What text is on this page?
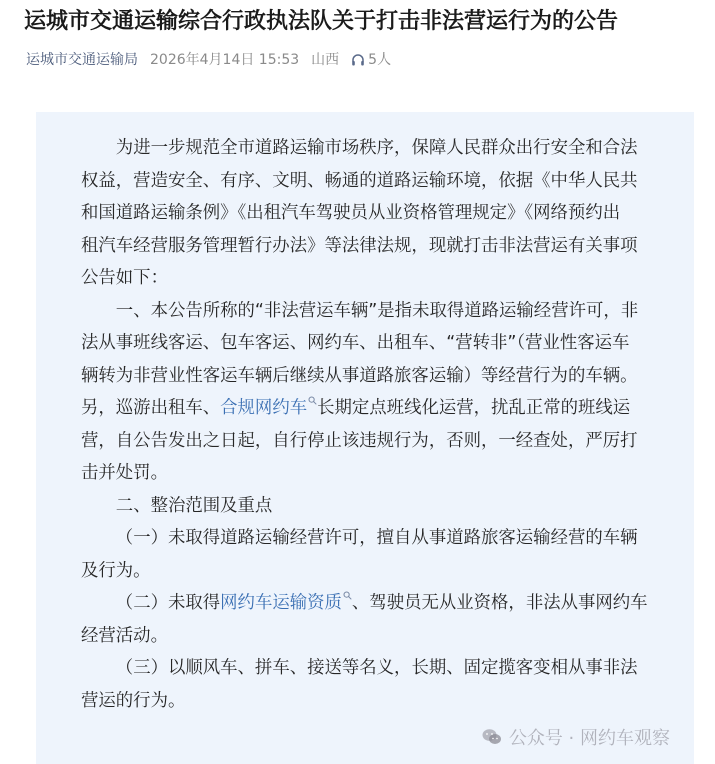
运城市交通运输综合行政执法队关于打击非法营运行为的公告
运城市交通运输局 2026年4月14日 15:53 山西 5人

为进一步规范全市道路运输市场秩序，保障人民群众出行安全和合法
权益，营造安全、有序、文明、畅通的道路运输环境，依据《中华人民共
和国道路运输条例》《出租汽车驾驶员从业资格管理规定》《网络预约出
租汽车经营服务管理暂行办法》等法律法规，现就打击非法营运有关事项
公告如下：

一、本公告所称的“非法营运车辆”是指未取得道路运输经营许可，非
法从事班线客运、包车客运、网约车、出租车、“营转非”（营业性客运车
辆转为非营业性客运车辆后继续从事道路旅客运输）等经营行为的车辆。
另，巡游出租车、合规网约车 长期定点班线化运营，扰乱正常的班线运
营，自公告发出之日起，自行停止该违规行为，否则，一经查处，严厉打
击并处罚。

二、整治范围及重点

（一）未取得道路运输经营许可，擅自从事道路旅客运输经营的车辆
及行为。

（二）未取得网约车运输资质 、驾驶员无从业资格，非法从事网约车
经营活动。

（三）以顺风车、拼车、接送等名义，长期、固定揽客变相从事非法
营运的行为。

公众号 · 网约车观察
